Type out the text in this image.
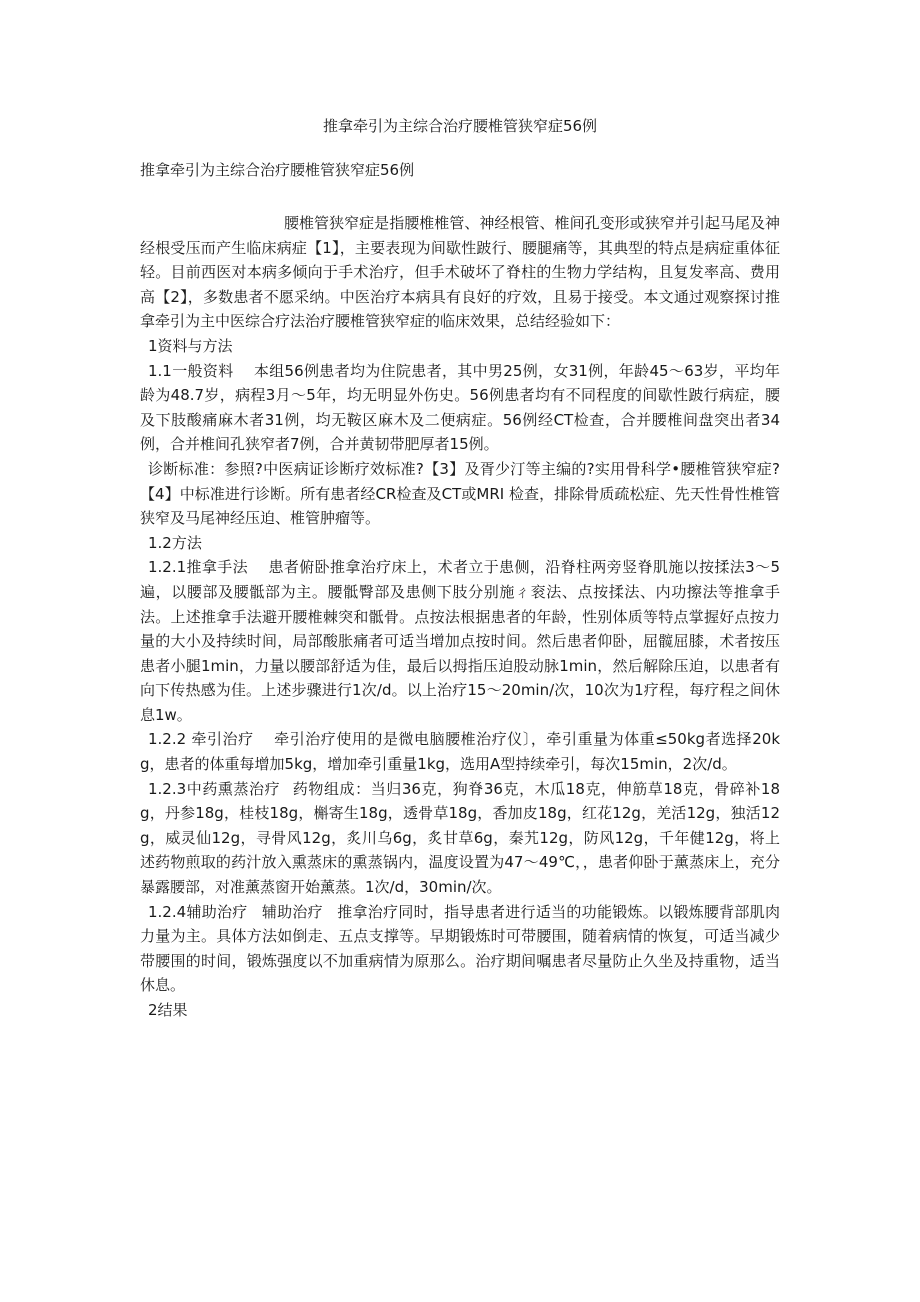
推拿牵引为主综合治疗腰椎管狭窄症56例
推拿牵引为主综合治疗腰椎管狭窄症56例

腰椎管狭窄症是指腰椎椎管、神经根管、椎间孔变形或狭窄并引起马尾及神经根受压而产生临床病症【1】，主要表现为间歇性跛行、腰腿痛等，其典型的特点是病症重体征轻。目前西医对本病多倾向于手术治疗，但手术破坏了脊柱的生物力学结构，且复发率高、费用高【2】，多数患者不愿采纳。中医治疗本病具有良好的疗效，且易于接受。本文通过观察探讨推拿牵引为主中医综合疗法治疗腰椎管狭窄症的临床效果，总结经验如下：

1资料与方法

1.1一般资料 本组56例患者均为住院患者，其中男25例，女31例，年龄45～63岁，平均年龄为48.7岁，病程3月～5年，均无明显外伤史。56例患者均有不同程度的间歇性跛行病症，腰及下肢酸痛麻木者31例，均无鞍区麻木及二便病症。56例经CT检查，合并腰椎间盘突出者34例，合并椎间孔狭窄者7例，合并黄韧带肥厚者15例。

诊断标准：参照?中医病证诊断疗效标准?【3】及胥少汀等主编的?实用骨科学•腰椎管狭窄症?【4】中标准进行诊断。所有患者经CR检查及CT或MRI 检查，排除骨质疏松症、先天性骨性椎管狭窄及马尾神经压迫、椎管肿瘤等。

1.2方法

1.2.1推拿手法 患者俯卧推拿治疗床上，术者立于患侧，沿脊柱两旁竖脊肌施以按揉法3～5遍，以腰部及腰骶部为主。腰骶臀部及患侧下肢分别施ㄔ衮法、点按揉法、内功擦法等推拿手法。上述推拿手法避开腰椎棘突和骶骨。点按法根据患者的年龄，性别体质等特点掌握好点按力量的大小及持续时间，局部酸胀痛者可适当增加点按时间。然后患者仰卧，屈髋屈膝，术者按压患者小腿1min，力量以腰部舒适为佳，最后以拇指压迫股动脉1min，然后解除压迫，以患者有向下传热感为佳。上述步骤进行1次/d。以上治疗15～20min/次，10次为1疗程，每疗程之间休息1w。

1.2.2 牵引治疗 牵引治疗使用的是微电脑腰椎治疗仪〕，牵引重量为体重≤50kg者选择20kg，患者的体重每增加5kg，增加牵引重量1kg，选用A型持续牵引，每次15min，2次/d。

1.2.3中药熏蒸治疗 药物组成：当归36克，狗脊36克，木瓜18克，伸筋草18克，骨碎补18g，丹参18g，桂枝18g，槲寄生18g，透骨草18g，香加皮18g，红花12g，羌活12g，独活12g，威灵仙12g，寻骨风12g，炙川乌6g，炙甘草6g，秦艽12g，防风12g，千年健12g，将上述药物煎取的药汁放入熏蒸床的熏蒸锅内，温度设置为47～49℃，，患者仰卧于薰蒸床上，充分暴露腰部，对准薰蒸窗开始薰蒸。1次/d，30min/次。

1.2.4辅助治疗 辅助治疗 推拿治疗同时，指导患者进行适当的功能锻炼。以锻炼腰背部肌肉力量为主。具体方法如倒走、五点支撑等。早期锻炼时可带腰围，随着病情的恢复，可适当减少带腰围的时间，锻炼强度以不加重病情为原那么。治疗期间嘱患者尽量防止久坐及持重物，适当休息。

2结果
